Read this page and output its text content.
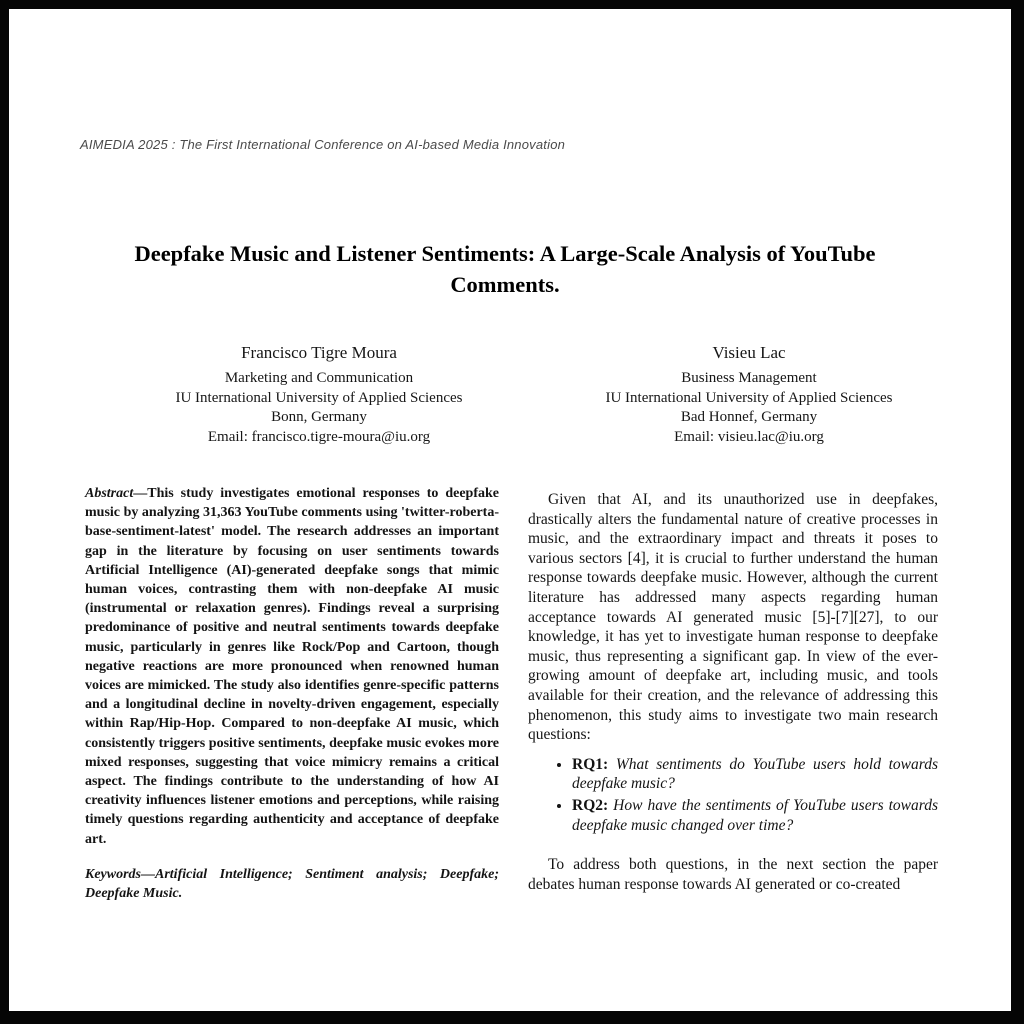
AIMEDIA 2025 : The First International Conference on AI-based Media Innovation
Deepfake Music and Listener Sentiments: A Large-Scale Analysis of YouTube
Comments.
Francisco Tigre Moura
Marketing and Communication
IU International University of Applied Sciences
Bonn, Germany
Email: francisco.tigre-moura@iu.org
Visieu Lac
Business Management
IU International University of Applied Sciences
Bad Honnef, Germany
Email: visieu.lac@iu.org

Abstract—This study investigates emotional responses to deepfake music by analyzing 31,363 YouTube comments using 'twitter-roberta-base-sentiment-latest' model. The research addresses an important gap in the literature by focusing on user sentiments towards Artificial Intelligence (AI)-generated deepfake songs that mimic human voices, contrasting them with non-deepfake AI music (instrumental or relaxation genres). Findings reveal a surprising predominance of positive and neutral sentiments towards deepfake music, particularly in genres like Rock/Pop and Cartoon, though negative reactions are more pronounced when renowned human voices are mimicked. The study also identifies genre-specific patterns and a longitudinal decline in novelty-driven engagement, especially within Rap/Hip-Hop. Compared to non-deepfake AI music, which consistently triggers positive sentiments, deepfake music evokes more mixed responses, suggesting that voice mimicry remains a critical aspect. The findings contribute to the understanding of how AI creativity influences listener emotions and perceptions, while raising timely questions regarding authenticity and acceptance of deepfake art.

Keywords—Artificial Intelligence; Sentiment analysis; Deepfake; Deepfake Music.

Given that AI, and its unauthorized use in deepfakes, drastically alters the fundamental nature of creative processes in music, and the extraordinary impact and threats it poses to various sectors [4], it is crucial to further understand the human response towards deepfake music. However, although the current literature has addressed many aspects regarding human acceptance towards AI generated music [5]-[7][27], to our knowledge, it has yet to investigate human response to deepfake music, thus representing a significant gap. In view of the ever-growing amount of deepfake art, including music, and tools available for their creation, and the relevance of addressing this phenomenon, this study aims to investigate two main research questions:

• RQ1: What sentiments do YouTube users hold towards deepfake music?
• RQ2: How have the sentiments of YouTube users towards deepfake music changed over time?

To address both questions, in the next section the paper debates human response towards AI generated or co-created
